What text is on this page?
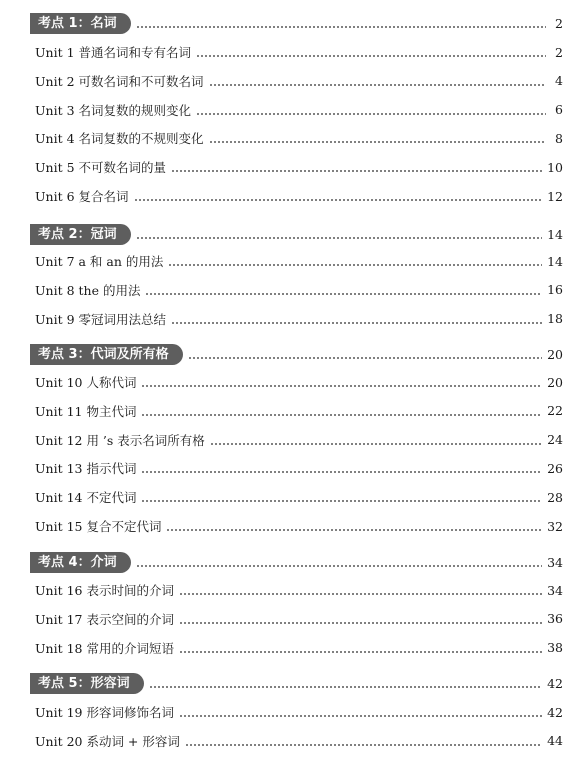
考点 1：名词	2
Unit 1 普通名词和专有名词	2
Unit 2 可数名词和不可数名词	4
Unit 3 名词复数的规则变化	6
Unit 4 名词复数的不规则变化	8
Unit 5 不可数名词的量	10
Unit 6 复合名词	12
考点 2：冠词	14
Unit 7 a 和 an 的用法	14
Unit 8 the 的用法	16
Unit 9 零冠词用法总结	18
考点 3：代词及所有格	20
Unit 10 人称代词	20
Unit 11 物主代词	22
Unit 12 用 ’s 表示名词所有格	24
Unit 13 指示代词	26
Unit 14 不定代词	28
Unit 15 复合不定代词	32
考点 4：介词	34
Unit 16 表示时间的介词	34
Unit 17 表示空间的介词	36
Unit 18 常用的介词短语	38
考点 5：形容词	42
Unit 19 形容词修饰名词	42
Unit 20 系动词 + 形容词	44
